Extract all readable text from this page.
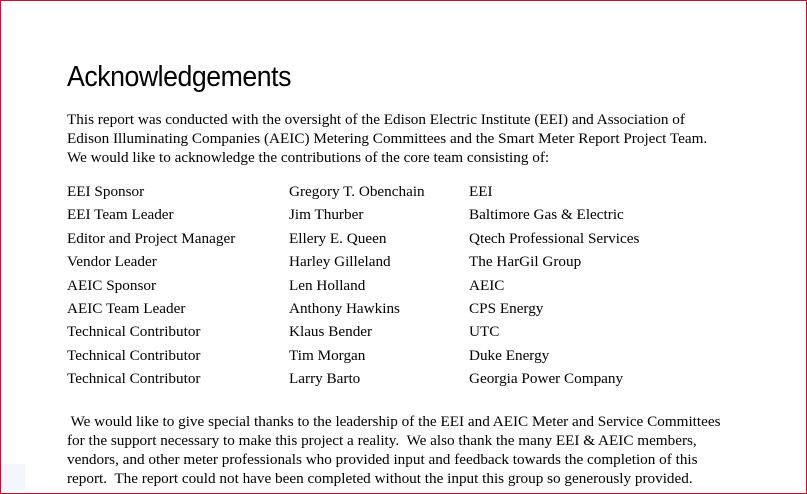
Acknowledgements

This report was conducted with the oversight of the Edison Electric Institute (EEI) and Association of
Edison Illuminating Companies (AEIC) Metering Committees and the Smart Meter Report Project Team.
We would like to acknowledge the contributions of the core team consisting of:

EEI Sponsor	Gregory T. Obenchain	EEI
EEI Team Leader	Jim Thurber	Baltimore Gas & Electric
Editor and Project Manager	Ellery E. Queen	Qtech Professional Services
Vendor Leader	Harley Gilleland	The HarGil Group
AEIC Sponsor	Len Holland	AEIC
AEIC Team Leader	Anthony Hawkins	CPS Energy
Technical Contributor	Klaus Bender	UTC
Technical Contributor	Tim Morgan	Duke Energy
Technical Contributor	Larry Barto	Georgia Power Company

We would like to give special thanks to the leadership of the EEI and AEIC Meter and Service Committees
for the support necessary to make this project a reality.  We also thank the many EEI & AEIC members,
vendors, and other meter professionals who provided input and feedback towards the completion of this
report.  The report could not have been completed without the input this group so generously provided.
